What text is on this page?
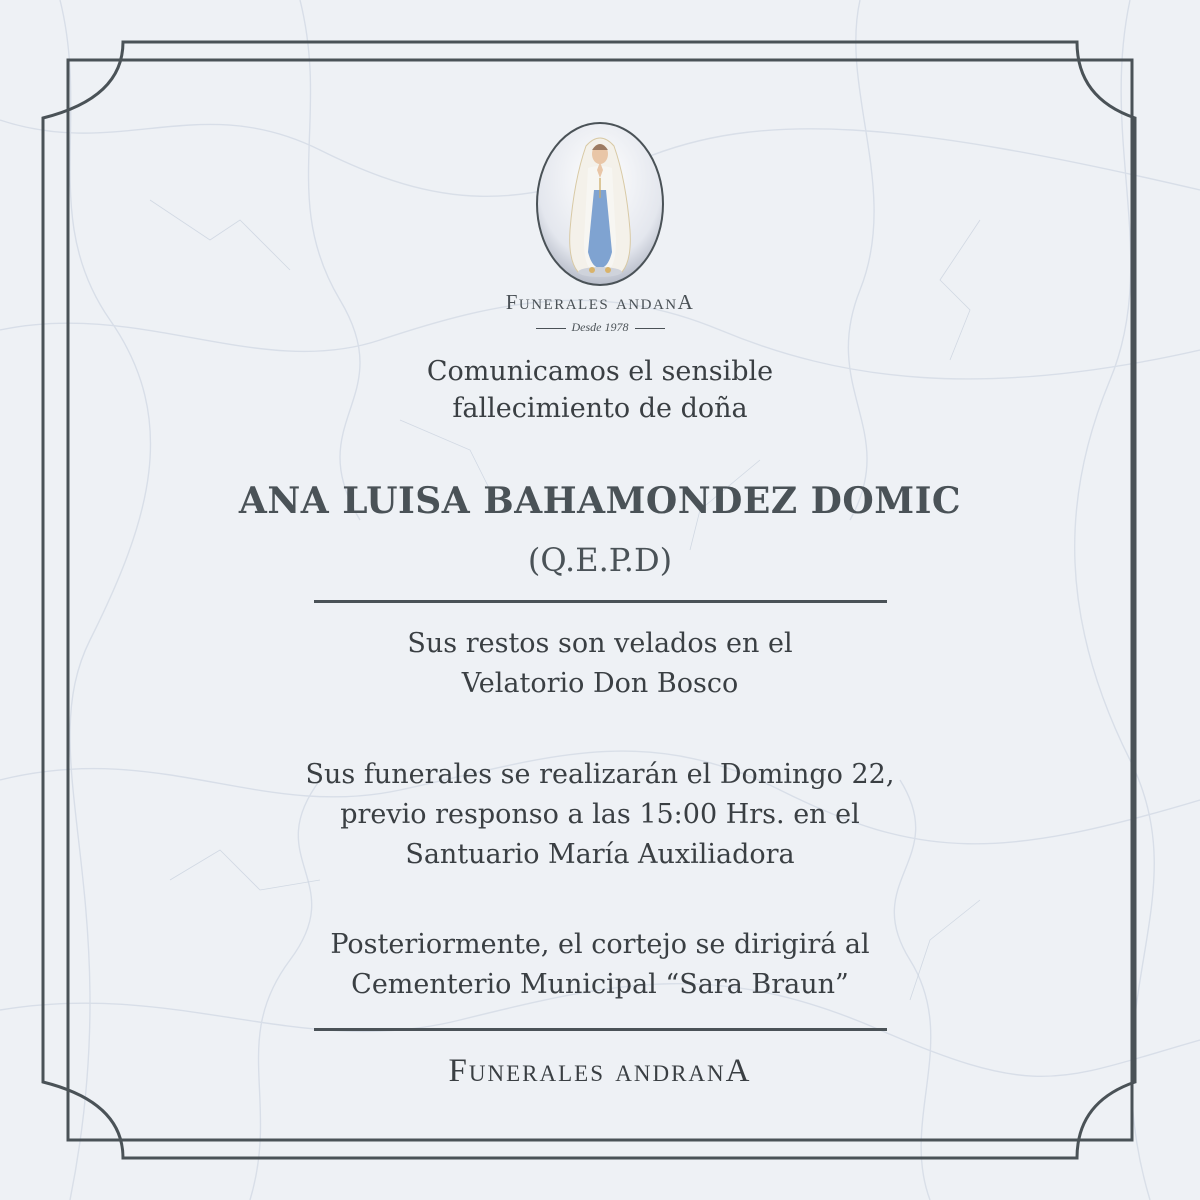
Funerales andanA
Desde 1978
Comunicamos el sensible
fallecimiento de doña
ANA LUISA BAHAMONDEZ DOMIC
(Q.E.P.D)
Sus restos son velados en el
Velatorio Don Bosco
Sus funerales se realizarán el Domingo 22,
previo responso a las 15:00 Hrs. en el
Santuario María Auxiliadora
Posteriormente, el cortejo se dirigirá al
Cementerio Municipal “Sara Braun”
Funerales andranA
